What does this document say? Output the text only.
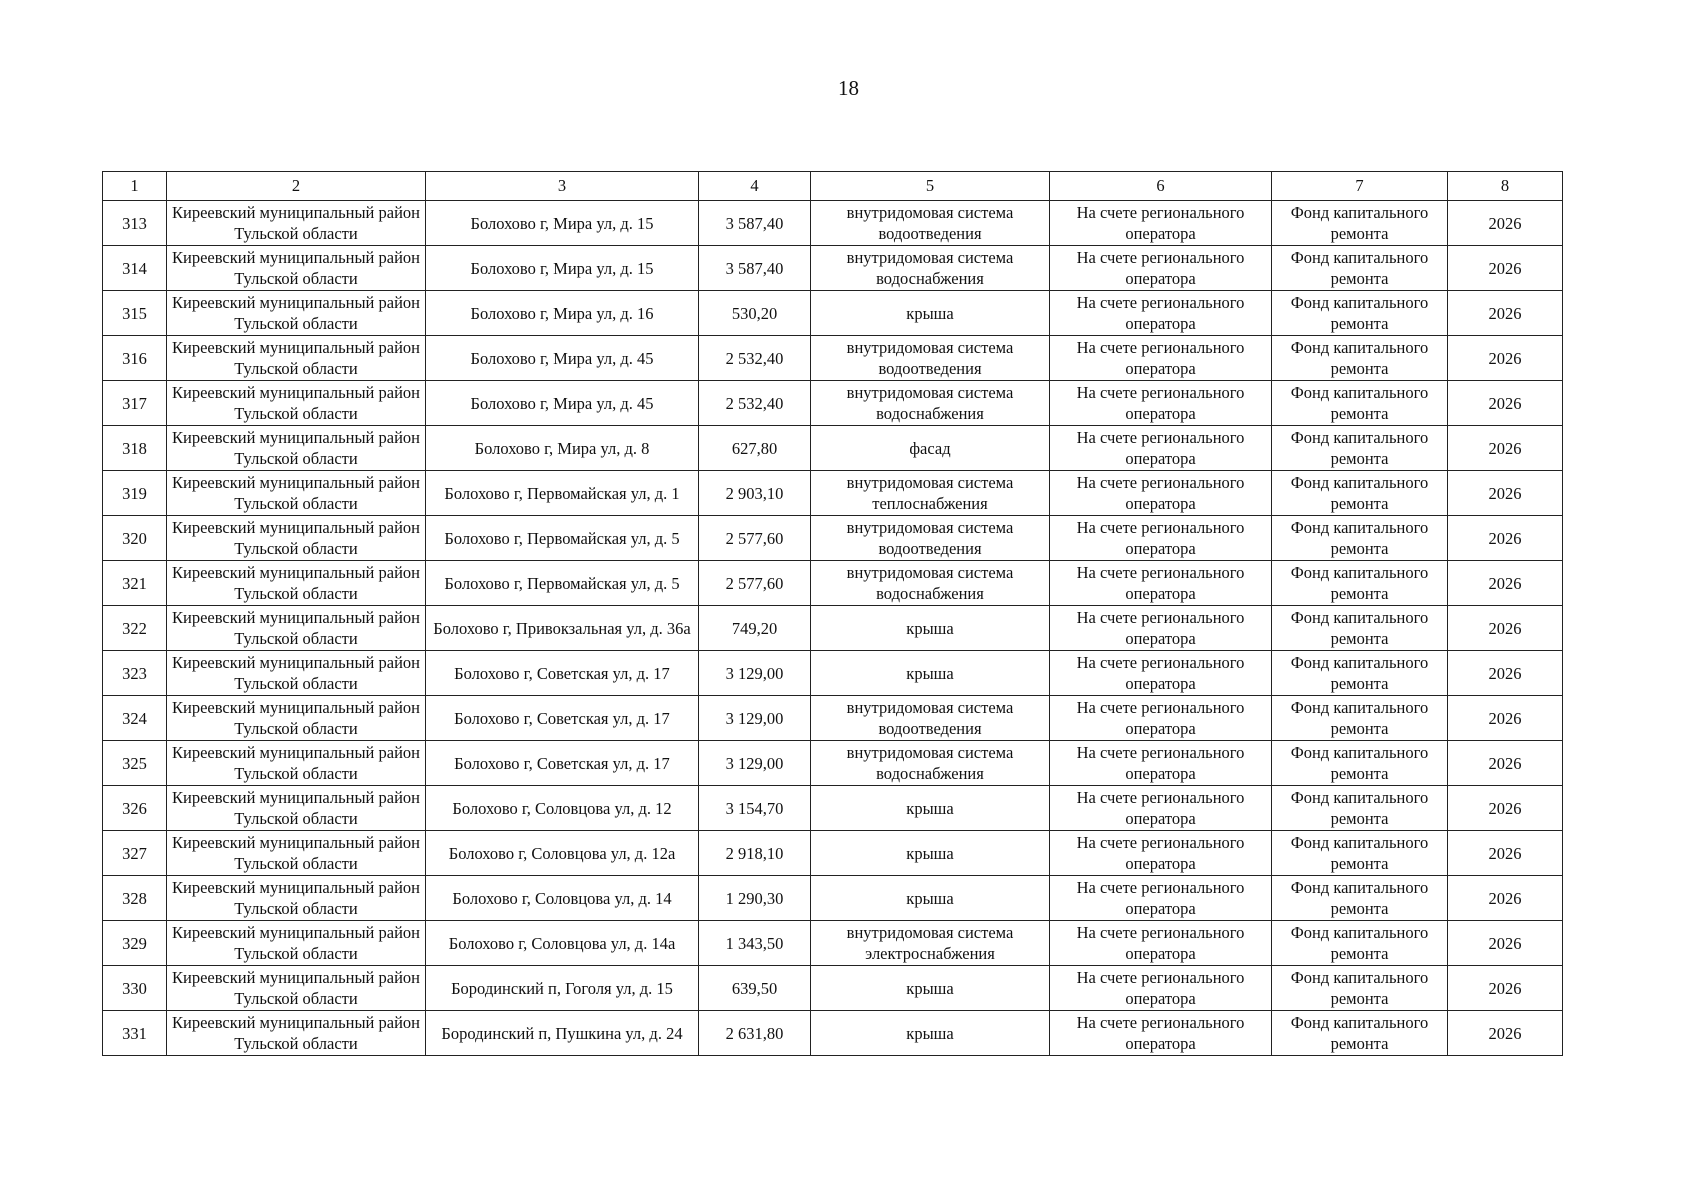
18
1	2	3	4	5	6	7	8
313	Киреевский муниципальный район Тульской области	Болохово г, Мира ул, д. 15	3 587,40	внутридомовая система водоотведения	На счете регионального оператора	Фонд капитального ремонта	2026
314	Киреевский муниципальный район Тульской области	Болохово г, Мира ул, д. 15	3 587,40	внутридомовая система водоснабжения	На счете регионального оператора	Фонд капитального ремонта	2026
315	Киреевский муниципальный район Тульской области	Болохово г, Мира ул, д. 16	530,20	крыша	На счете регионального оператора	Фонд капитального ремонта	2026
316	Киреевский муниципальный район Тульской области	Болохово г, Мира ул, д. 45	2 532,40	внутридомовая система водоотведения	На счете регионального оператора	Фонд капитального ремонта	2026
317	Киреевский муниципальный район Тульской области	Болохово г, Мира ул, д. 45	2 532,40	внутридомовая система водоснабжения	На счете регионального оператора	Фонд капитального ремонта	2026
318	Киреевский муниципальный район Тульской области	Болохово г, Мира ул, д. 8	627,80	фасад	На счете регионального оператора	Фонд капитального ремонта	2026
319	Киреевский муниципальный район Тульской области	Болохово г, Первомайская ул, д. 1	2 903,10	внутридомовая система теплоснабжения	На счете регионального оператора	Фонд капитального ремонта	2026
320	Киреевский муниципальный район Тульской области	Болохово г, Первомайская ул, д. 5	2 577,60	внутридомовая система водоотведения	На счете регионального оператора	Фонд капитального ремонта	2026
321	Киреевский муниципальный район Тульской области	Болохово г, Первомайская ул, д. 5	2 577,60	внутридомовая система водоснабжения	На счете регионального оператора	Фонд капитального ремонта	2026
322	Киреевский муниципальный район Тульской области	Болохово г, Привокзальная ул, д. 36а	749,20	крыша	На счете регионального оператора	Фонд капитального ремонта	2026
323	Киреевский муниципальный район Тульской области	Болохово г, Советская ул, д. 17	3 129,00	крыша	На счете регионального оператора	Фонд капитального ремонта	2026
324	Киреевский муниципальный район Тульской области	Болохово г, Советская ул, д. 17	3 129,00	внутридомовая система водоотведения	На счете регионального оператора	Фонд капитального ремонта	2026
325	Киреевский муниципальный район Тульской области	Болохово г, Советская ул, д. 17	3 129,00	внутридомовая система водоснабжения	На счете регионального оператора	Фонд капитального ремонта	2026
326	Киреевский муниципальный район Тульской области	Болохово г, Соловцова ул, д. 12	3 154,70	крыша	На счете регионального оператора	Фонд капитального ремонта	2026
327	Киреевский муниципальный район Тульской области	Болохово г, Соловцова ул, д. 12а	2 918,10	крыша	На счете регионального оператора	Фонд капитального ремонта	2026
328	Киреевский муниципальный район Тульской области	Болохово г, Соловцова ул, д. 14	1 290,30	крыша	На счете регионального оператора	Фонд капитального ремонта	2026
329	Киреевский муниципальный район Тульской области	Болохово г, Соловцова ул, д. 14а	1 343,50	внутридомовая система электроснабжения	На счете регионального оператора	Фонд капитального ремонта	2026
330	Киреевский муниципальный район Тульской области	Бородинский п, Гоголя ул, д. 15	639,50	крыша	На счете регионального оператора	Фонд капитального ремонта	2026
331	Киреевский муниципальный район Тульской области	Бородинский п, Пушкина ул, д. 24	2 631,80	крыша	На счете регионального оператора	Фонд капитального ремонта	2026
